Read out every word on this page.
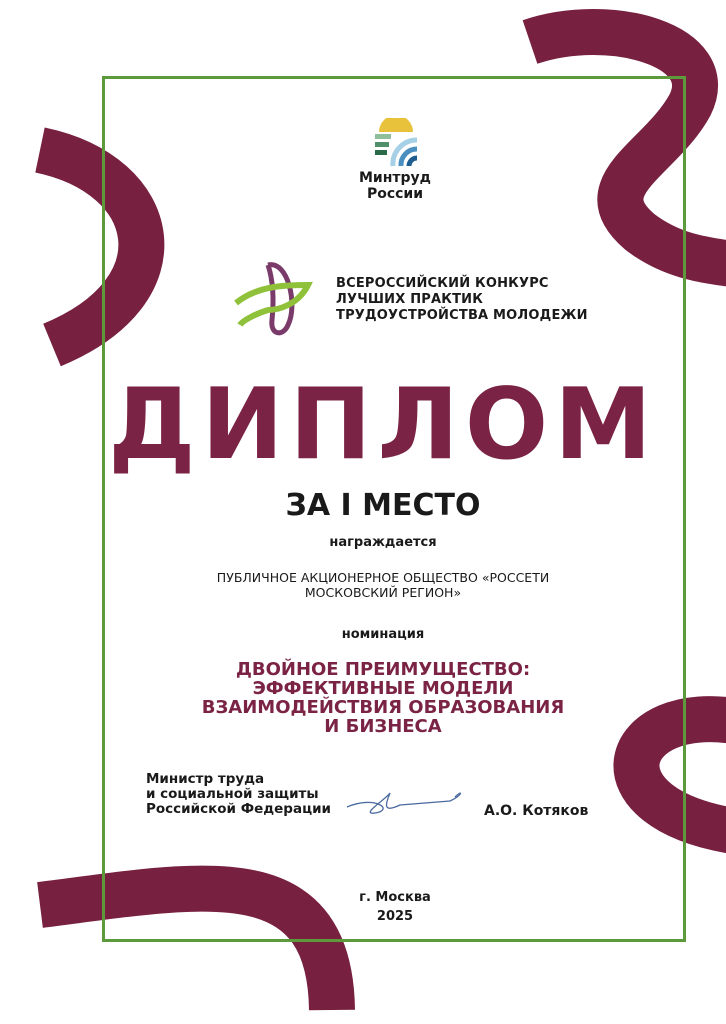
Минтруд
России
ВСЕРОССИЙСКИЙ КОНКУРС
ЛУЧШИХ ПРАКТИК
ТРУДОУСТРОЙСТВА МОЛОДЕЖИ
ДИПЛОМ
ЗА I МЕСТО
награждается
ПУБЛИЧНОЕ АКЦИОНЕРНОЕ ОБЩЕСТВО «РОССЕТИ
МОСКОВСКИЙ РЕГИОН»
номинация
ДВОЙНОЕ ПРЕИМУЩЕСТВО:
ЭФФЕКТИВНЫЕ МОДЕЛИ
ВЗАИМОДЕЙСТВИЯ ОБРАЗОВАНИЯ
И БИЗНЕСА
Министр труда
и социальной защиты
Российской Федерации	А.О. Котяков
г. Москва
2025
